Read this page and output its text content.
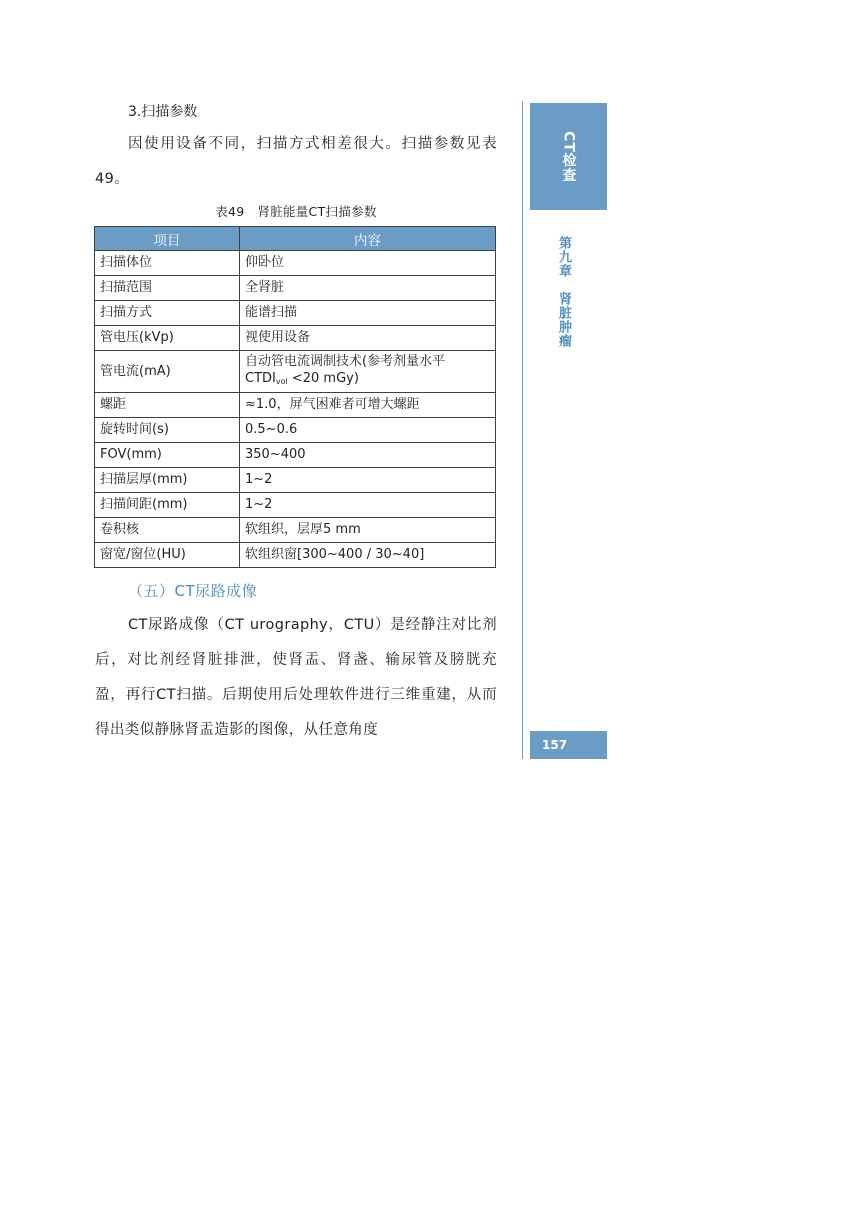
3.扫描参数
因使用设备不同，扫描方式相差很大。扫描参数见表49。
表49　肾脏能量CT扫描参数
项目	内容
扫描体位	仰卧位
扫描范围	全肾脏
扫描方式	能谱扫描
管电压(kVp)	视使用设备
管电流(mA)	自动管电流调制技术(参考剂量水平
$CTDI_{vol} <20$ mGy)

螺距	≈1.0，屏气困难者可增大螺距
旋转时间(s)	0.5~0.6
FOV(mm)	350~400
扫描层厚(mm)	1~2
扫描间距(mm)	1~2
卷积核	软组织，层厚5 mm
窗宽/窗位(HU)	软组织窗[300~400 / 30~40]
（五）CT尿路成像
CT尿路成像（CT urography，CTU）是经静注对比剂后，对比剂经肾脏排泄，使肾盂、肾盏、输尿管及膀胱充盈，再行CT扫描。后期使用后处理软件进行三维重建，从而得出类似静脉肾盂造影的图像，从任意角度
CT检查
第九章　肾脏肿瘤
157
